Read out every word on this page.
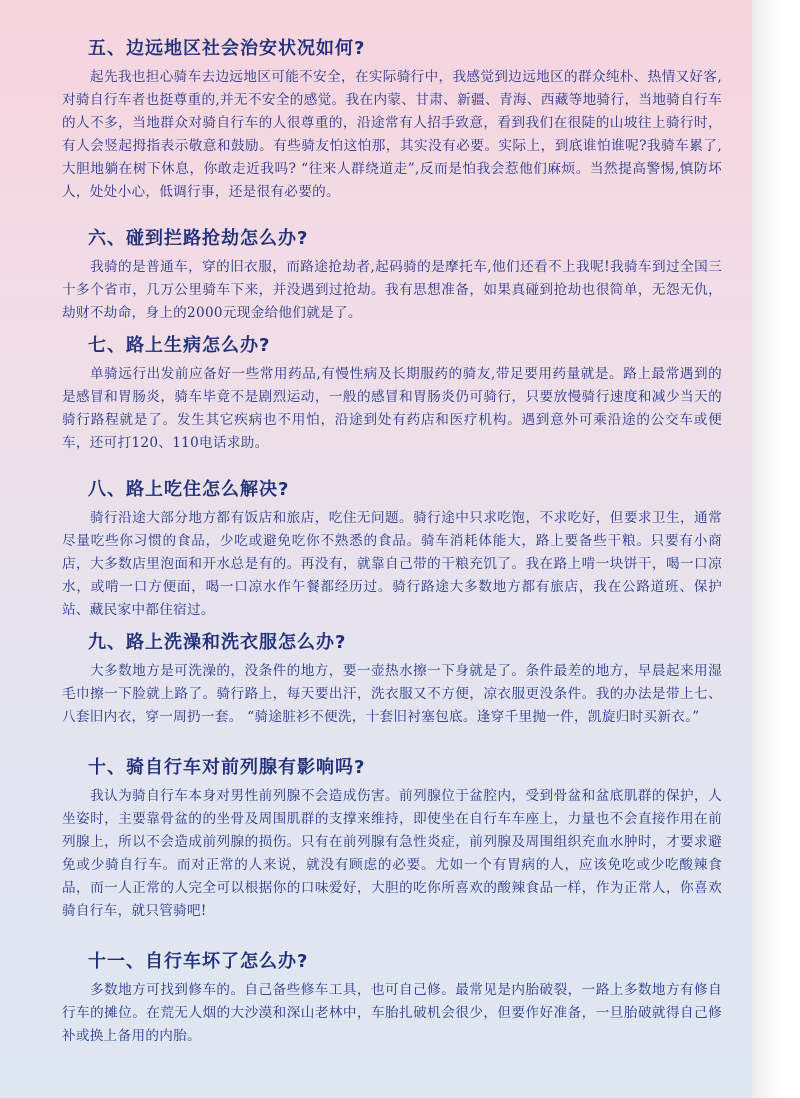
五、边远地区社会治安状况如何?

起先我也担心骑车去边远地区可能不安全，在实际骑行中，我感觉到边远地区的群众纯朴、热情又好客,对骑自行车者也挺尊重的,并无不安全的感觉。我在内蒙、甘肃、新疆、青海、西藏等地骑行，当地骑自行车的人不多，当地群众对骑自行车的人很尊重的，沿途常有人招手致意，看到我们在很陡的山坡往上骑行时，有人会竖起拇指表示敬意和鼓励。有些骑友怕这怕那，其实没有必要。实际上，到底谁怕谁呢?我骑车累了,大胆地躺在树下休息，你敢走近我吗? “往来人群绕道走”,反而是怕我会惹他们麻烦。当然提高警惕,慎防坏人，处处小心，低调行事，还是很有必要的。

六、碰到拦路抢劫怎么办?

我骑的是普通车，穿的旧衣服，而路途抢劫者,起码骑的是摩托车,他们还看不上我呢!我骑车到过全国三十多个省市，几万公里骑车下来，并没遇到过抢劫。我有思想准备，如果真碰到抢劫也很简单，无怨无仇，劫财不劫命，身上的2000元现金给他们就是了。

七、路上生病怎么办?

单骑远行出发前应备好一些常用药品,有慢性病及长期服药的骑友,带足要用药量就是。路上最常遇到的是感冒和胃肠炎，骑车毕竟不是剧烈运动，一般的感冒和胃肠炎仍可骑行，只要放慢骑行速度和减少当天的骑行路程就是了。发生其它疾病也不用怕，沿途到处有药店和医疗机构。遇到意外可乘沿途的公交车或便车，还可打120、110电话求助。

八、路上吃住怎么解决?

骑行沿途大部分地方都有饭店和旅店，吃住无问题。骑行途中只求吃饱，不求吃好，但要求卫生，通常尽量吃些你习惯的食品，少吃或避免吃你不熟悉的食品。骑车消耗体能大，路上要备些干粮。只要有小商店，大多数店里泡面和开水总是有的。再没有，就靠自己带的干粮充饥了。我在路上啃一块饼干，喝一口凉水，或啃一口方便面，喝一口凉水作午餐都经历过。骑行路途大多数地方都有旅店，我在公路道班、保护站、藏民家中都住宿过。

九、路上洗澡和洗衣服怎么办?

大多数地方是可洗澡的，没条件的地方，要一壶热水擦一下身就是了。条件最差的地方，早晨起来用湿毛巾擦一下脸就上路了。骑行路上，每天要出汗，洗衣服又不方便，凉衣服更没条件。我的办法是带上七、八套旧内衣，穿一周扔一套。 “骑途脏衫不便洗，十套旧衬塞包底。逢穿千里抛一件，凯旋归时买新衣。”

十、骑自行车对前列腺有影响吗?

我认为骑自行车本身对男性前列腺不会造成伤害。前列腺位于盆腔内，受到骨盆和盆底肌群的保护，人坐姿时，主要靠骨盆的的坐骨及周围肌群的支撑来维持，即使坐在自行车车座上，力量也不会直接作用在前列腺上，所以不会造成前列腺的损伤。只有在前列腺有急性炎症，前列腺及周围组织充血水肿时，才要求避免或少骑自行车。而对正常的人来说，就没有顾虑的必要。尤如一个有胃病的人，应该免吃或少吃酸辣食品，而一人正常的人完全可以根据你的口味爱好，大胆的吃你所喜欢的酸辣食品一样，作为正常人，你喜欢骑自行车，就只管骑吧!

十一、自行车坏了怎么办?

多数地方可找到修车的。自己备些修车工具，也可自己修。最常见是内胎破裂，一路上多数地方有修自行车的摊位。在荒无人烟的大沙漠和深山老林中，车胎扎破机会很少，但要作好准备，一旦胎破就得自己修补或换上备用的内胎。
